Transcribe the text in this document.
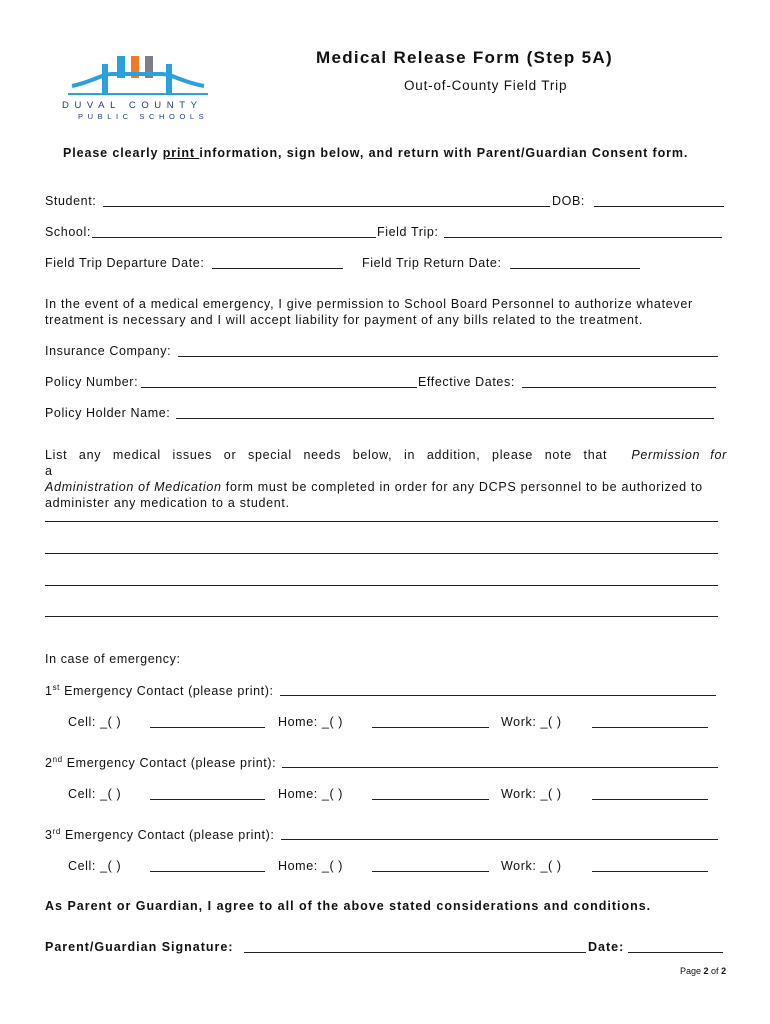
DUVAL COUNTY
PUBLIC SCHOOLS
Medical Release Form (Step 5A)
Out-of-County Field Trip
Please clearly print information, sign below, and return with Parent/Guardian Consent form.
Student:	DOB:
School:	Field Trip:
Field Trip Departure Date:	Field Trip Return Date:
In the event of a medical emergency, I give permission to School Board Personnel to authorize whatever treatment is necessary and I will accept liability for payment of any bills related to the treatment.
Insurance Company:
Policy Number:	Effective Dates:
Policy Holder Name:
List any medical issues or special needs below, in addition, please note that a
Permission for
Administration of Medication form must be completed in order for any DCPS personnel to be authorized to
administer any medication to a student.
In case of emergency:
1st Emergency Contact (please print):
Cell: _( )	Home: _( )	Work: _( )
2nd Emergency Contact (please print):
Cell: _( )	Home: _( )	Work: _( )
3rd Emergency Contact (please print):
Cell: _( )	Home: _( )	Work: _( )
As Parent or Guardian, I agree to all of the above stated considerations and conditions.
Parent/Guardian Signature:	Date:
Page 2 of 2
